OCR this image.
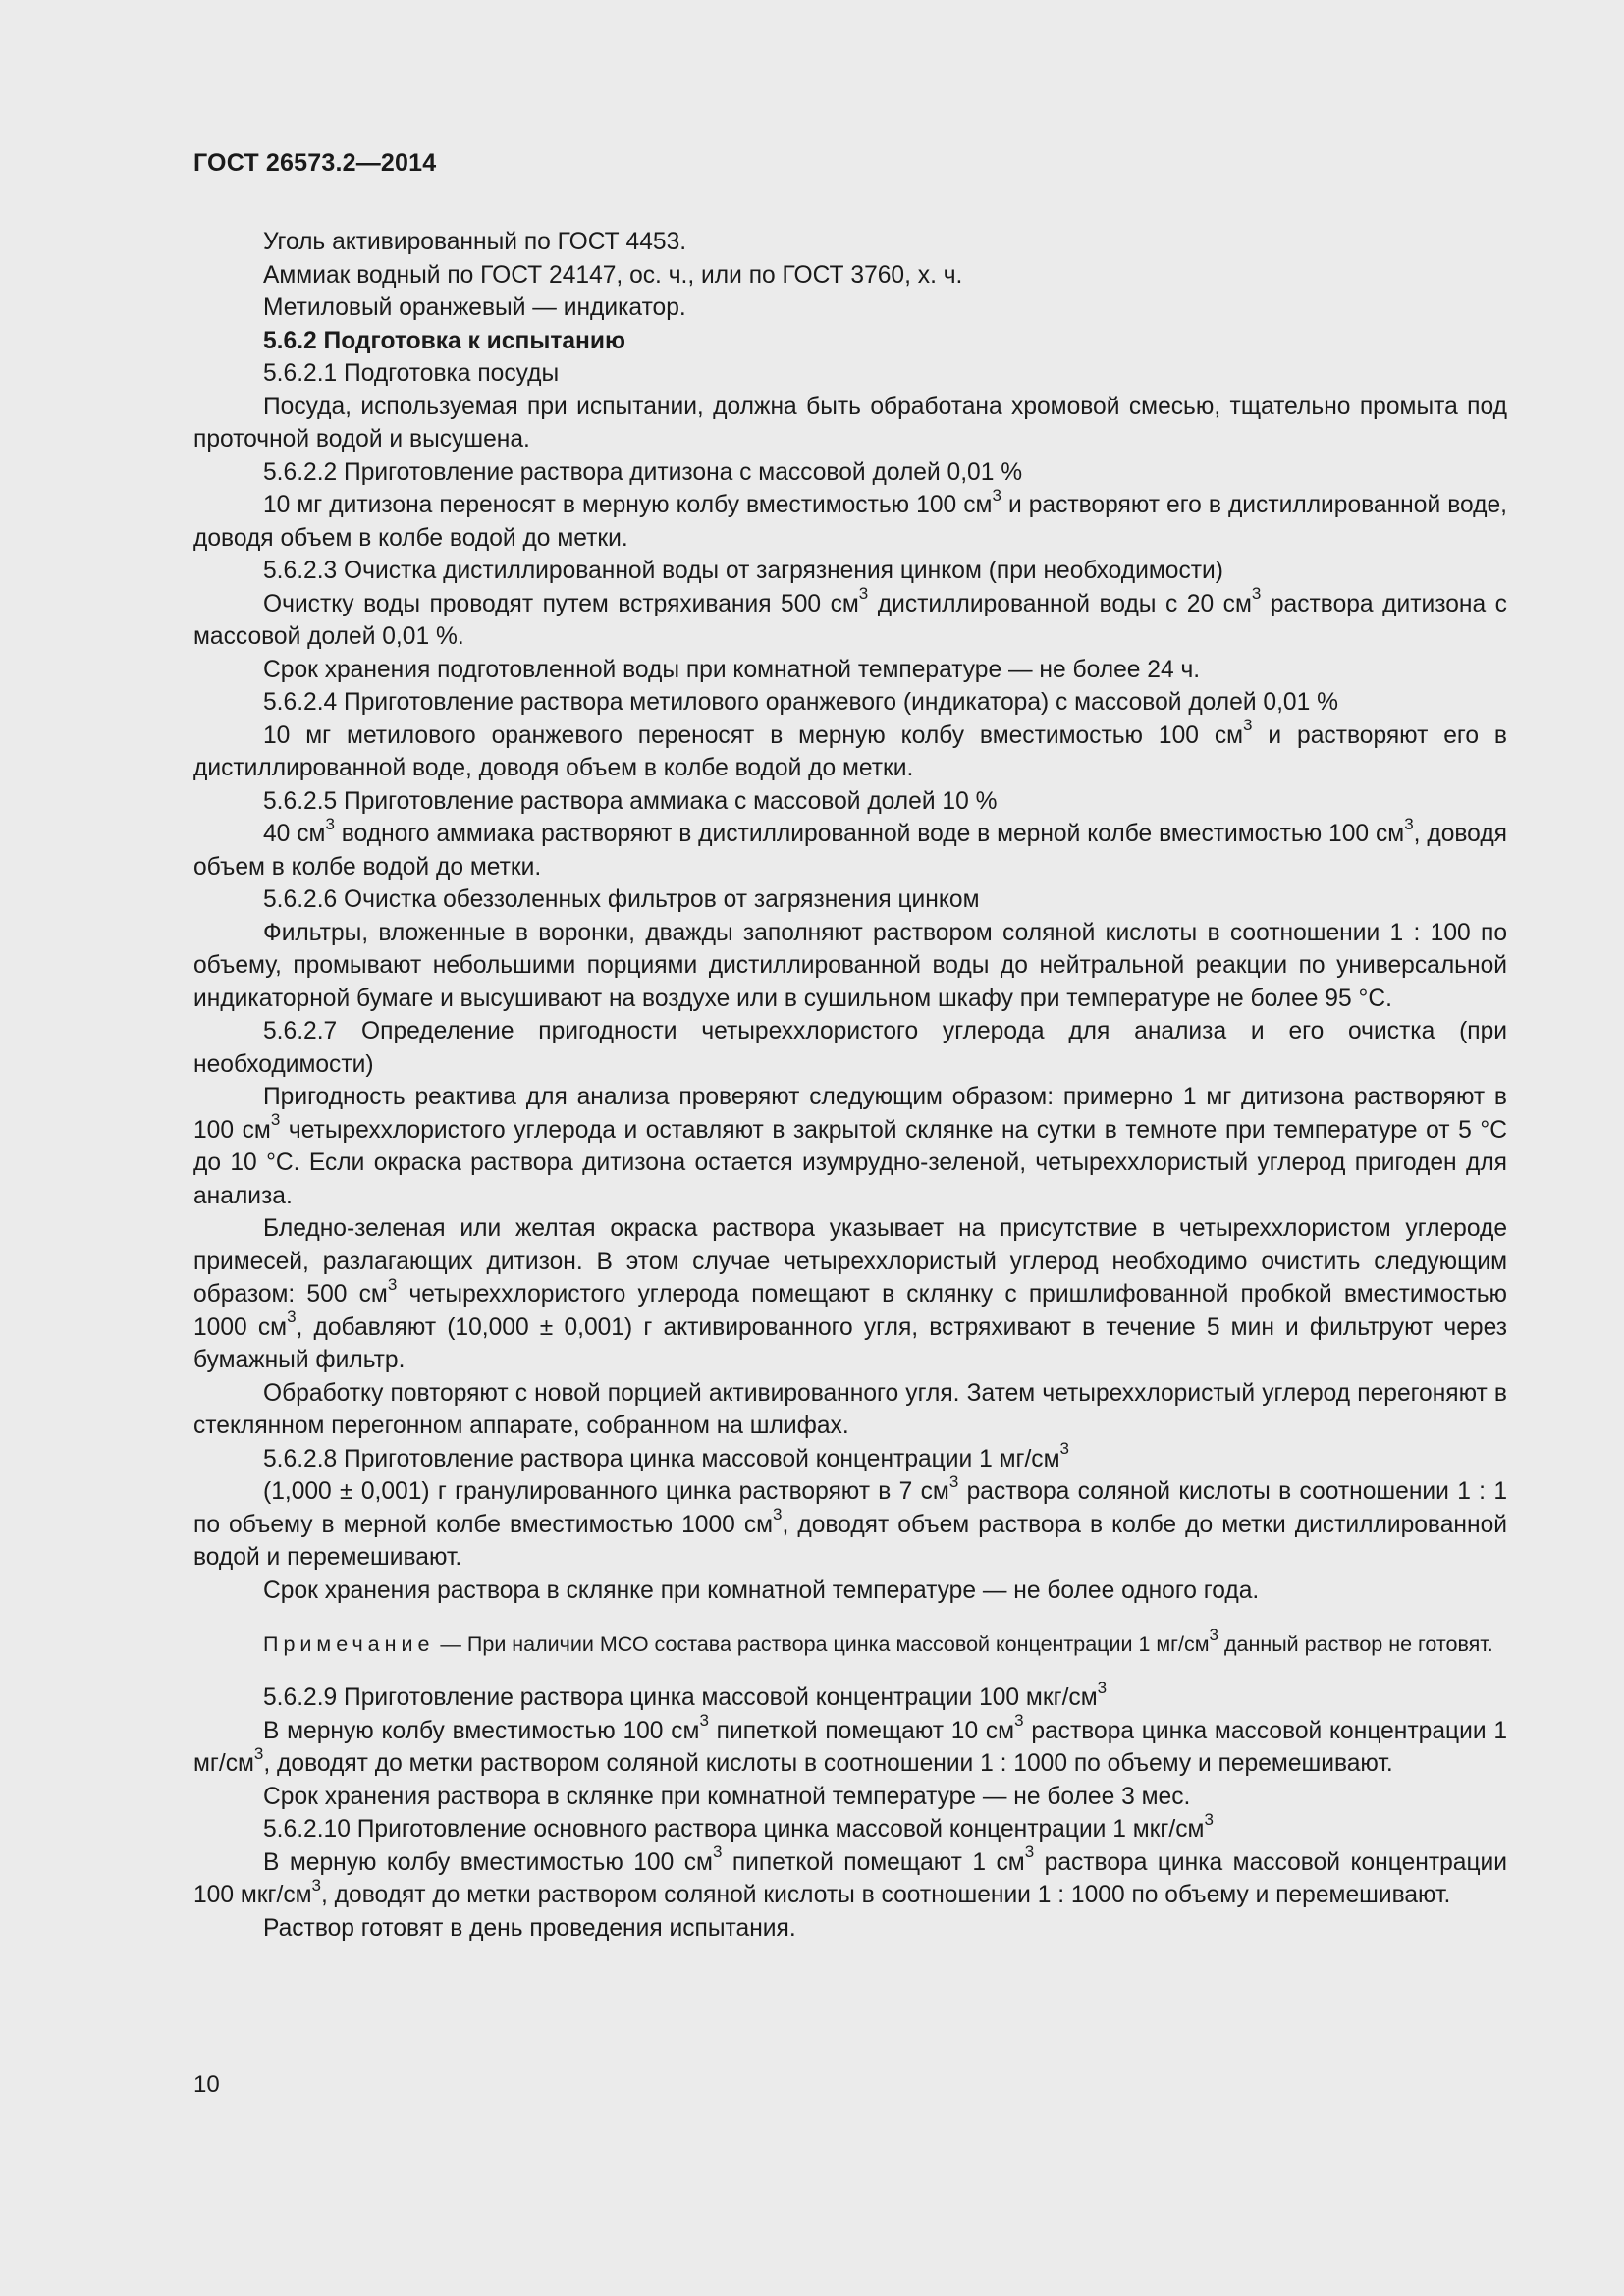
ГОСТ 26573.2—2014

Уголь активированный по ГОСТ 4453.

Аммиак водный по ГОСТ 24147, ос. ч., или по ГОСТ 3760, х. ч.

Метиловый оранжевый — индикатор.

5.6.2 Подготовка к испытанию

5.6.2.1 Подготовка посуды

Посуда, используемая при испытании, должна быть обработана хромовой смесью, тщательно промыта под проточной водой и высушена.

5.6.2.2 Приготовление раствора дитизона с массовой долей 0,01 %

10 мг дитизона переносят в мерную колбу вместимостью 100 $см^3$ и растворяют его в дистиллированной воде, доводя объем в колбе водой до метки.

5.6.2.3 Очистка дистиллированной воды от загрязнения цинком (при необходимости)

Очистку воды проводят путем встряхивания 500 $см^3$ дистиллированной воды с 20 $см^3$ раствора дитизона с массовой долей 0,01 %.

Срок хранения подготовленной воды при комнатной температуре — не более 24 ч.

5.6.2.4 Приготовление раствора метилового оранжевого (индикатора) с массовой долей 0,01 %

10 мг метилового оранжевого переносят в мерную колбу вместимостью 100 $см^3$ и растворяют его в дистиллированной воде, доводя объем в колбе водой до метки.

5.6.2.5 Приготовление раствора аммиака с массовой долей 10 %

40 $см^3$ водного аммиака растворяют в дистиллированной воде в мерной колбе вместимостью 100 $см^3$, доводя объем в колбе водой до метки.

5.6.2.6 Очистка обеззоленных фильтров от загрязнения цинком

Фильтры, вложенные в воронки, дважды заполняют раствором соляной кислоты в соотношении 1 : 100 по объему, промывают небольшими порциями дистиллированной воды до нейтральной реакции по универсальной индикаторной бумаге и высушивают на воздухе или в сушильном шкафу при температуре не более 95 °С.

5.6.2.7 Определение пригодности четыреххлористого углерода для анализа и его очистка (при необходимости)

Пригодность реактива для анализа проверяют следующим образом: примерно 1 мг дитизона растворяют в 100 $см^3$ четыреххлористого углерода и оставляют в закрытой склянке на сутки в темноте при температуре от 5 °С до 10 °С. Если окраска раствора дитизона остается изумрудно-зеленой, четыреххлористый углерод пригоден для анализа.

Бледно-зеленая или желтая окраска раствора указывает на присутствие в четыреххлористом углероде примесей, разлагающих дитизон. В этом случае четыреххлористый углерод необходимо очистить следующим образом: 500 $см^3$ четыреххлористого углерода помещают в склянку с пришлифованной пробкой вместимостью 1000 $см^3$, добавляют (10,000 ± 0,001) г активированного угля, встряхивают в течение 5 мин и фильтруют через бумажный фильтр.

Обработку повторяют с новой порцией активированного угля. Затем четыреххлористый углерод перегоняют в стеклянном перегонном аппарате, собранном на шлифах.

5.6.2.8 Приготовление раствора цинка массовой концентрации 1 $мг/см^3$

(1,000 ± 0,001) г гранулированного цинка растворяют в 7 $см^3$ раствора соляной кислоты в соотношении 1 : 1 по объему в мерной колбе вместимостью 1000 $см^3$, доводят объем раствора в колбе до метки дистиллированной водой и перемешивают.

Срок хранения раствора в склянке при комнатной температуре — не более одного года.

Примечание — При наличии МСО состава раствора цинка массовой концентрации 1 $мг/см^3$ данный раствор не готовят.

5.6.2.9 Приготовление раствора цинка массовой концентрации 100 мкг/$см^3$

В мерную колбу вместимостью 100 $см^3$ пипеткой помещают 10 $см^3$ раствора цинка массовой концентрации 1 $мг/см^3$, доводят до метки раствором соляной кислоты в соотношении 1 : 1000 по объему и перемешивают.

Срок хранения раствора в склянке при комнатной температуре — не более 3 мес.

5.6.2.10 Приготовление основного раствора цинка массовой концентрации 1 мкг/$см^3$

В мерную колбу вместимостью 100 $см^3$ пипеткой помещают 1 $см^3$ раствора цинка массовой концентрации 100 мкг/$см^3$, доводят до метки раствором соляной кислоты в соотношении 1 : 1000 по объему и перемешивают.

Раствор готовят в день проведения испытания.

10
